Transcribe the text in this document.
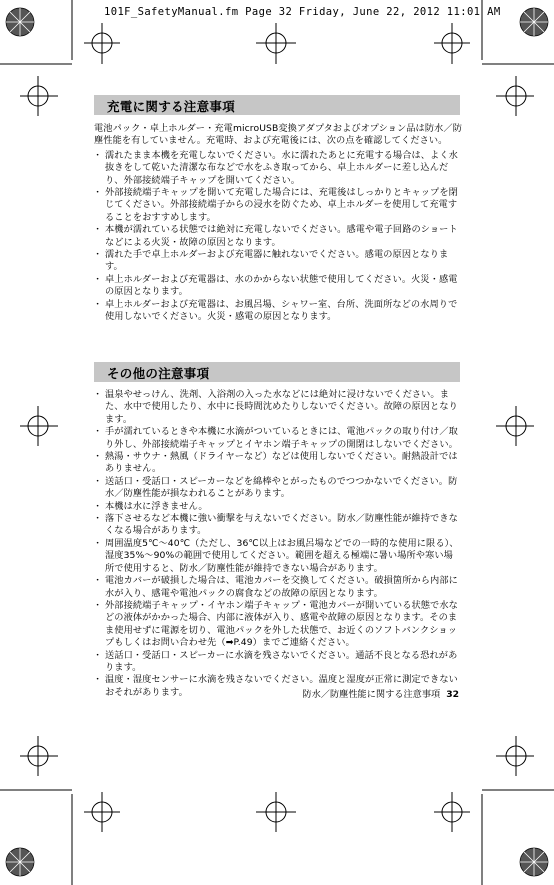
101F_SafetyManual.fm Page 32 Friday, June 22, 2012 11:01 AM
充電に関する注意事項

電池パック・卓上ホルダー・充電microUSB変換アダプタおよびオプション品は防水／防塵性能を有していません。充電時、および充電後には、次の点を確認してください。

・ 濡れたまま本機を充電しないでください。水に濡れたあとに充電する場合は、よく水抜きをして乾いた清潔な布などで水をふき取ってから、卓上ホルダーに差し込んだり、外部接続端子キャップを開いてください。
・ 外部接続端子キャップを開いて充電した場合には、充電後はしっかりとキャップを閉じてください。外部接続端子からの浸水を防ぐため、卓上ホルダーを使用して充電することをおすすめします。
・ 本機が濡れている状態では絶対に充電しないでください。感電や電子回路のショートなどによる火災・故障の原因となります。
・ 濡れた手で卓上ホルダーおよび充電器に触れないでください。感電の原因となります。
・ 卓上ホルダーおよび充電器は、水のかからない状態で使用してください。火災・感電の原因となります。
・ 卓上ホルダーおよび充電器は、お風呂場、シャワー室、台所、洗面所などの水周りで使用しないでください。火災・感電の原因となります。
その他の注意事項
・ 温泉やせっけん、洗剤、入浴剤の入った水などには絶対に浸けないでください。また、水中で使用したり、水中に長時間沈めたりしないでください。故障の原因となります。
・ 手が濡れているときや本機に水滴がついているときには、電池パックの取り付け／取り外し、外部接続端子キャップとイヤホン端子キャップの開閉はしないでください。
・ 熱湯・サウナ・熱風（ドライヤーなど）などは使用しないでください。耐熱設計ではありません。
・ 送話口・受話口・スピーカーなどを綿棒やとがったものでつつかないでください。防水／防塵性能が損なわれることがあります。
・ 本機は水に浮きません。
・ 落下させるなど本機に強い衝撃を与えないでください。防水／防塵性能が維持できなくなる場合があります。
・ 周囲温度5℃～40℃（ただし、36℃以上はお風呂場などでの一時的な使用に限る）、湿度35%～90%の範囲で使用してください。範囲を超える極端に暑い場所や寒い場所で使用すると、防水／防塵性能が維持できない場合があります。
・ 電池カバーが破損した場合は、電池カバーを交換してください。破損箇所から内部に水が入り、感電や電池パックの腐食などの故障の原因となります。
・ 外部接続端子キャップ・イヤホン端子キャップ・電池カバーが開いている状態で水などの液体がかかった場合、内部に液体が入り、感電や故障の原因となります。そのまま使用せずに電源を切り、電池パックを外した状態で、お近くのソフトバンクショップもしくはお問い合わせ先（➡P.49）までご連絡ください。
・ 送話口・受話口・スピーカーに水滴を残さないでください。通話不良となる恐れがあります。
・ 温度・湿度センサーに水滴を残さないでください。温度と湿度が正常に測定できないおそれがあります。	防水／防塵性能に関する注意事項 32
